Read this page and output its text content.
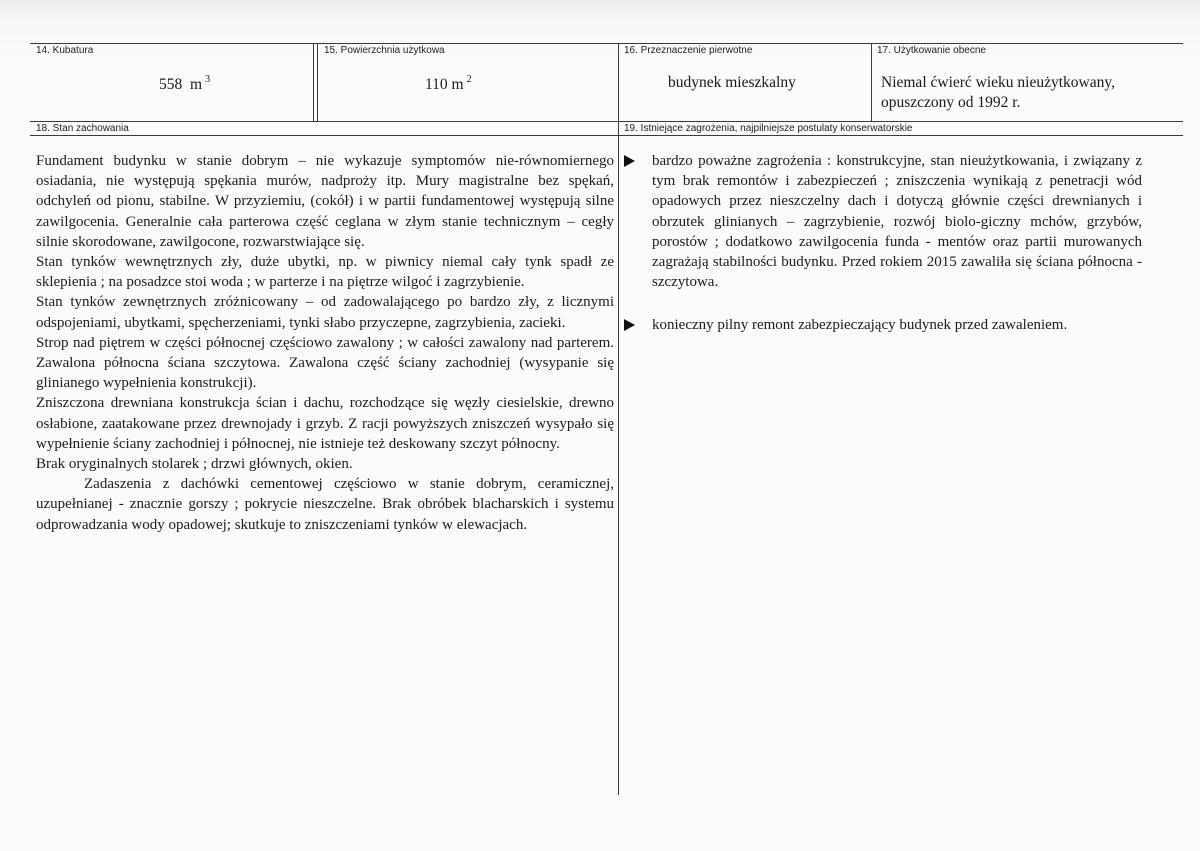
14. Kubatura
558  m $^3$
15. Powierzchnia użytkowa
110 m $^2$
16. Przeznaczenie pierwotne
budynek mieszkalny
17. Użytkowanie obecne
Niemal ćwierć wieku nieużytkowany,
opuszczony od 1992 r.
18. Stan zachowania

Fundament budynku w stanie dobrym – nie wykazuje symptomów nie-równomiernego osiadania, nie występują spękania murów, nadproży itp. Mury magistralne bez spękań, odchyleń od pionu, stabilne. W przyziemiu, (cokół) i w partii fundamentowej występują silne zawilgocenia. Generalnie cała parterowa część ceglana w złym stanie technicznym – cegły silnie skorodowane, zawilgocone, rozwarstwiające się.

Stan tynków wewnętrznych zły, duże ubytki, np. w piwnicy niemal cały tynk spadł ze sklepienia ; na posadzce stoi woda ; w parterze i na piętrze wilgoć i zagrzybienie.

Stan tynków zewnętrznych zróżnicowany – od zadowalającego po bardzo zły, z licznymi odspojeniami, ubytkami, spęcherzeniami, tynki słabo przyczepne, zagrzybienia, zacieki.

Strop nad piętrem w części północnej częściowo zawalony ; w całości zawalony nad parterem. Zawalona północna ściana szczytowa. Zawalona część ściany zachodniej (wysypanie się glinianego wypełnienia konstrukcji).

Zniszczona drewniana konstrukcja ścian i dachu, rozchodzące się węzły ciesielskie, drewno osłabione, zaatakowane przez drewnojady i grzyb. Z racji powyższych zniszczeń wysypało się wypełnienie ściany zachodniej i północnej, nie istnieje też deskowany szczyt północny.

Brak oryginalnych stolarek ; drzwi głównych, okien.

Zadaszenia z dachówki cementowej częściowo w stanie dobrym, ceramicznej, uzupełnianej - znacznie gorszy ; pokrycie nieszczelne. Brak obróbek blacharskich i systemu odprowadzania wody opadowej; skutkuje to zniszczeniami tynków w elewacjach.

19. Istniejące zagrożenia, najpilniejsze postulaty konserwatorskie
bardzo poważne zagrożenia : konstrukcyjne, stan nieużytkowania, i związany z tym brak remontów i zabezpieczeń ; zniszczenia wynikają z penetracji wód opadowych przez nieszczelny dach i dotyczą głównie części drewnianych i obrzutek glinianych – zagrzybienie, rozwój biolo-giczny mchów, grzybów, porostów ; dodatkowo zawilgocenia funda - mentów oraz partii murowanych zagrażają stabilności budynku. Przed rokiem 2015 zawaliła się ściana północna - szczytowa.
konieczny pilny remont zabezpieczający budynek przed zawaleniem.
